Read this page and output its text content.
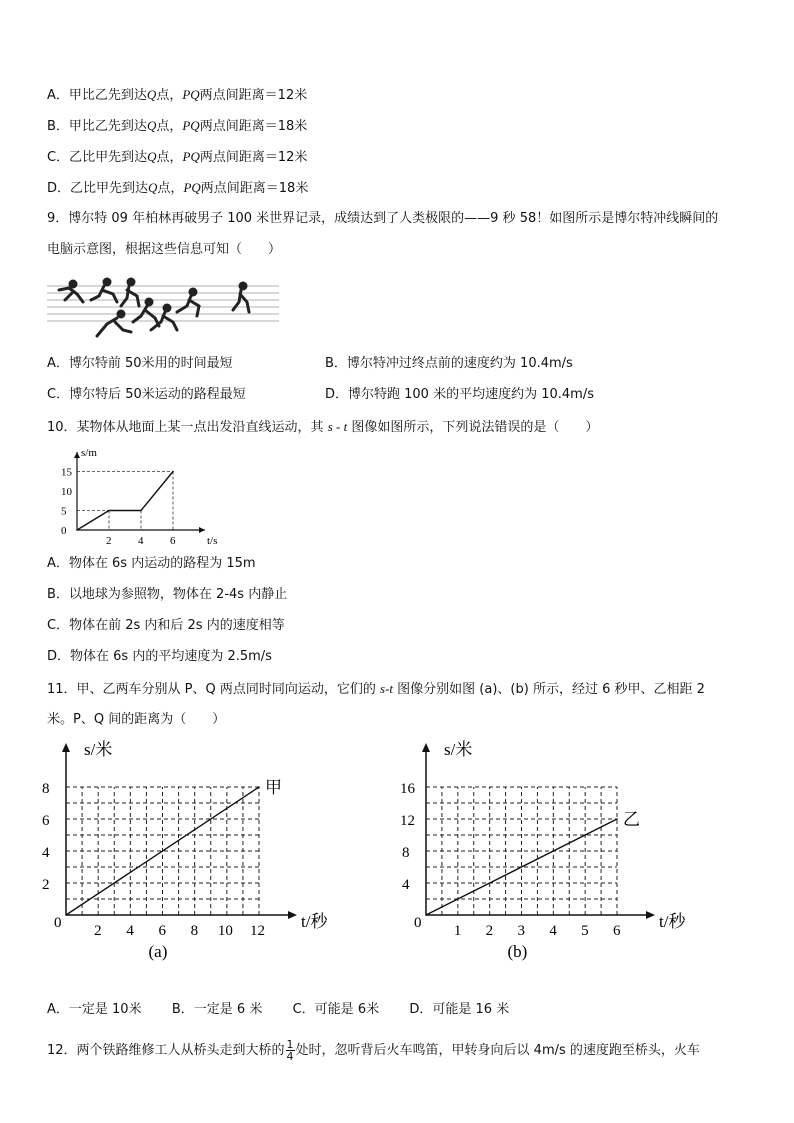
A．甲比乙先到达Q点，PQ两点间距离＝12米
B．甲比乙先到达Q点，PQ两点间距离＝18米
C．乙比甲先到达Q点，PQ两点间距离＝12米
D．乙比甲先到达Q点，PQ两点间距离＝18米
9．博尔特 09 年柏林再破男子 100 米世界记录，成绩达到了人类极限的——9 秒 58！如图所示是博尔特冲线瞬间的
电脑示意图，根据这些信息可知（　　）
A．博尔特前 50米用的时间最短	B．博尔特冲过终点前的速度约为 10.4m/s
C．博尔特后 50米运动的路程最短	D．博尔特跑 100 米的平均速度约为 10.4m/s
10．某物体从地面上某一点出发沿直线运动，其 s - t 图像如图所示，下列说法错误的是（　　）
s/m
t/s
0
5
10
15
2 4 6
A．物体在 6s 内运动的路程为 15m
B．以地球为参照物，物体在 2-4s 内静止
C．物体在前 2s 内和后 2s 内的速度相等
D．物体在 6s 内的平均速度为 2.5m/s
11．甲、乙两车分别从 P、Q 两点同时同向运动，它们的 s-t 图像分别如图 (a)、(b) 所示，经过 6 秒甲、乙相距 2
米。P、Q 间的距离为（　　）
s/米
t/秒
0
2
4
6
8
2 4 6 8 10 12
甲
(a)
s/米
t/秒
0
4
8
12
16
1 2 3 4 5 6
乙
(b)
A．一定是 10米 B．一定是 6 米 C．可能是 6米 D．可能是 16 米
12．两个铁路维修工人从桥头走到大桥的 $\frac{1}{4}$ 处时，忽听背后火车鸣笛，甲转身向后以 4m/s 的速度跑至桥头，火车
